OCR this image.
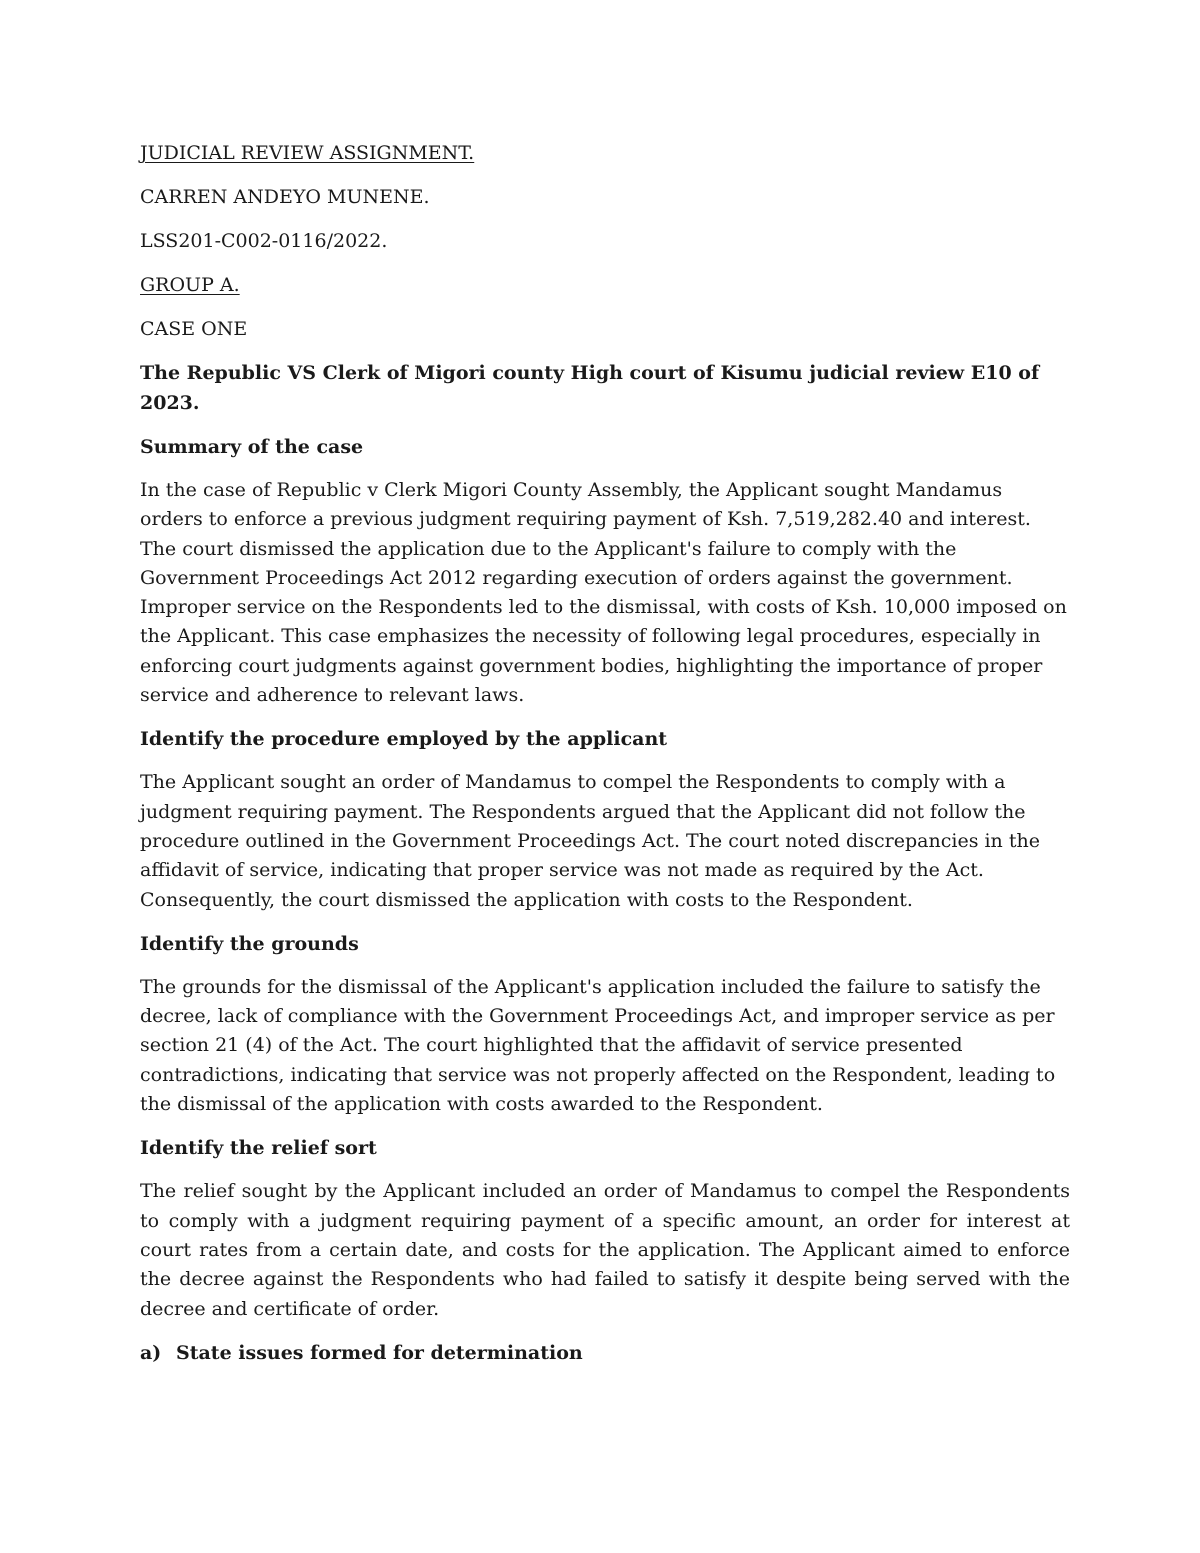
JUDICIAL REVIEW ASSIGNMENT.

CARREN ANDEYO MUNENE.

LSS201-C002-0116/2022.

GROUP A.

CASE ONE

The Republic VS Clerk of Migori county High court of Kisumu judicial review E10 of 2023.

Summary of the case

In the case of Republic v Clerk Migori County Assembly, the Applicant sought Mandamus orders to enforce a previous judgment requiring payment of Ksh. 7,519,282.40 and interest. The court dismissed the application due to the Applicant's failure to comply with the Government Proceedings Act 2012 regarding execution of orders against the government. Improper service on the Respondents led to the dismissal, with costs of Ksh. 10,000 imposed on the Applicant. This case emphasizes the necessity of following legal procedures, especially in enforcing court judgments against government bodies, highlighting the importance of proper service and adherence to relevant laws.

Identify the procedure employed by the applicant

The Applicant sought an order of Mandamus to compel the Respondents to comply with a judgment requiring payment. The Respondents argued that the Applicant did not follow the procedure outlined in the Government Proceedings Act. The court noted discrepancies in the affidavit of service, indicating that proper service was not made as required by the Act. Consequently, the court dismissed the application with costs to the Respondent.

Identify the grounds

The grounds for the dismissal of the Applicant's application included the failure to satisfy the decree, lack of compliance with the Government Proceedings Act, and improper service as per section 21 (4) of the Act. The court highlighted that the affidavit of service presented contradictions, indicating that service was not properly affected on the Respondent, leading to the dismissal of the application with costs awarded to the Respondent.

Identify the relief sort

The relief sought by the Applicant included an order of Mandamus to compel the Respondents to comply with a judgment requiring payment of a specific amount, an order for interest at court rates from a certain date, and costs for the application. The Applicant aimed to enforce the decree against the Respondents who had failed to satisfy it despite being served with the decree and certificate of order.

a) State issues formed for determination
